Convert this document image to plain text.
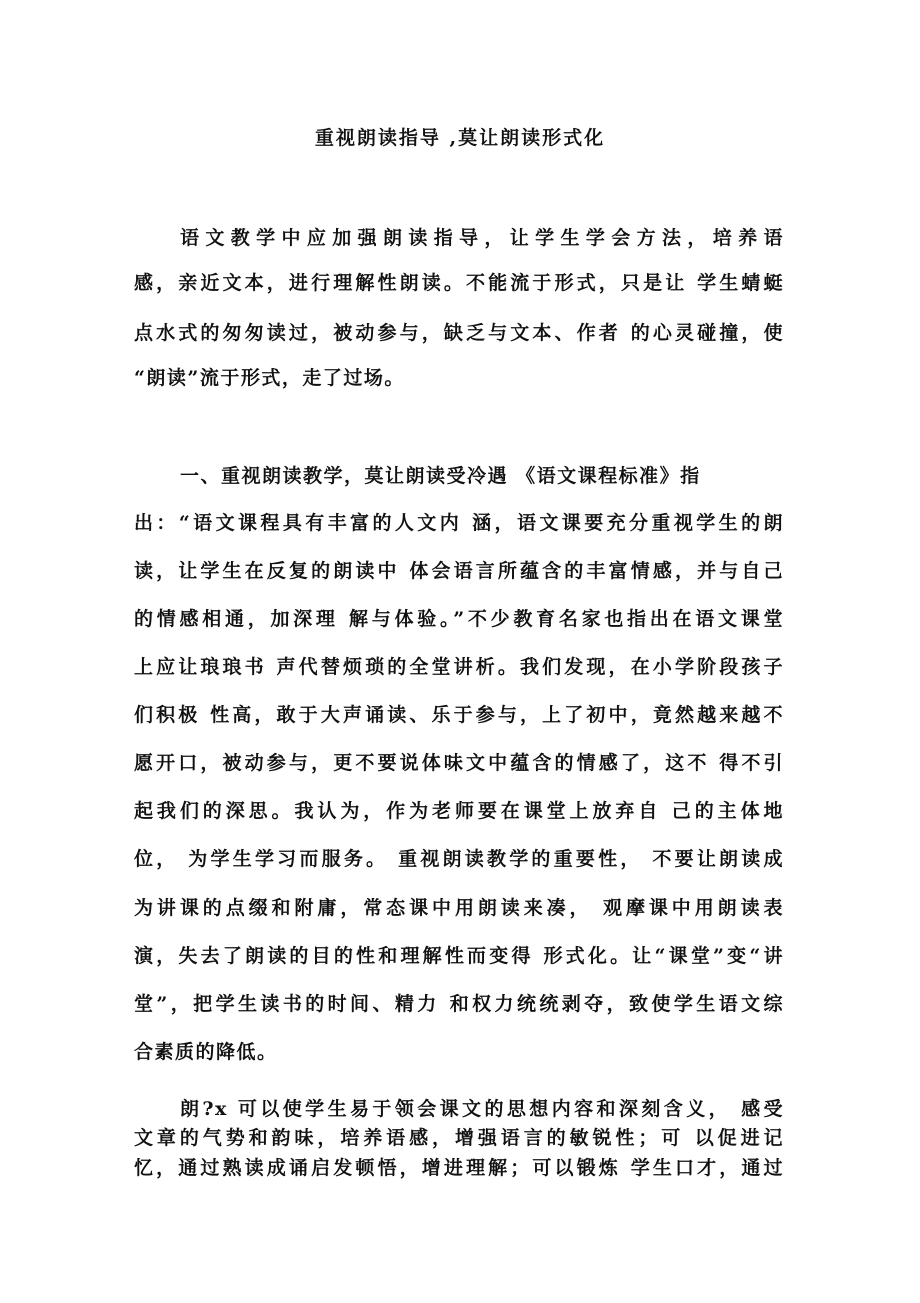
重视朗读指导 ,莫让朗读形式化
语文教学中应加强朗读指导，让学生学会方法，培养语
感，亲近文本，进行理解性朗读。不能流于形式，只是让 学生蜻蜓
点水式的匆匆读过，被动参与，缺乏与文本、作者 的心灵碰撞，使
“朗读”流于形式，走了过场。
一、重视朗读教学，莫让朗读受冷遇 《语文课程标准》指
出：“语文课程具有丰富的人文内 涵，语文课要充分重视学生的朗
读，让学生在反复的朗读中 体会语言所蕴含的丰富情感，并与自己
的情感相通，加深理 解与体验。”不少教育名家也指出在语文课堂
上应让琅琅书 声代替烦琐的全堂讲析。我们发现，在小学阶段孩子
们积极 性高，敢于大声诵读、乐于参与，上了初中，竟然越来越不
愿开口，被动参与，更不要说体味文中蕴含的情感了，这不 得不引
起我们的深思。我认为，作为老师要在课堂上放弃自 己的主体地
位， 为学生学习而服务。 重视朗读教学的重要性， 不要让朗读成
为讲课的点缀和附庸，常态课中用朗读来凑， 观摩课中用朗读表
演，失去了朗读的目的性和理解性而变得 形式化。让“课堂”变“讲
堂”，把学生读书的时间、精力 和权力统统剥夺，致使学生语文综
合素质的降低。
朗?x 可以使学生易于领会课文的思想内容和深刻含义， 感受
文章的气势和韵味，培养语感，增强语言的敏锐性；可 以促进记
忆，通过熟读成诵启发顿悟，增进理解；可以锻炼 学生口才，通过
